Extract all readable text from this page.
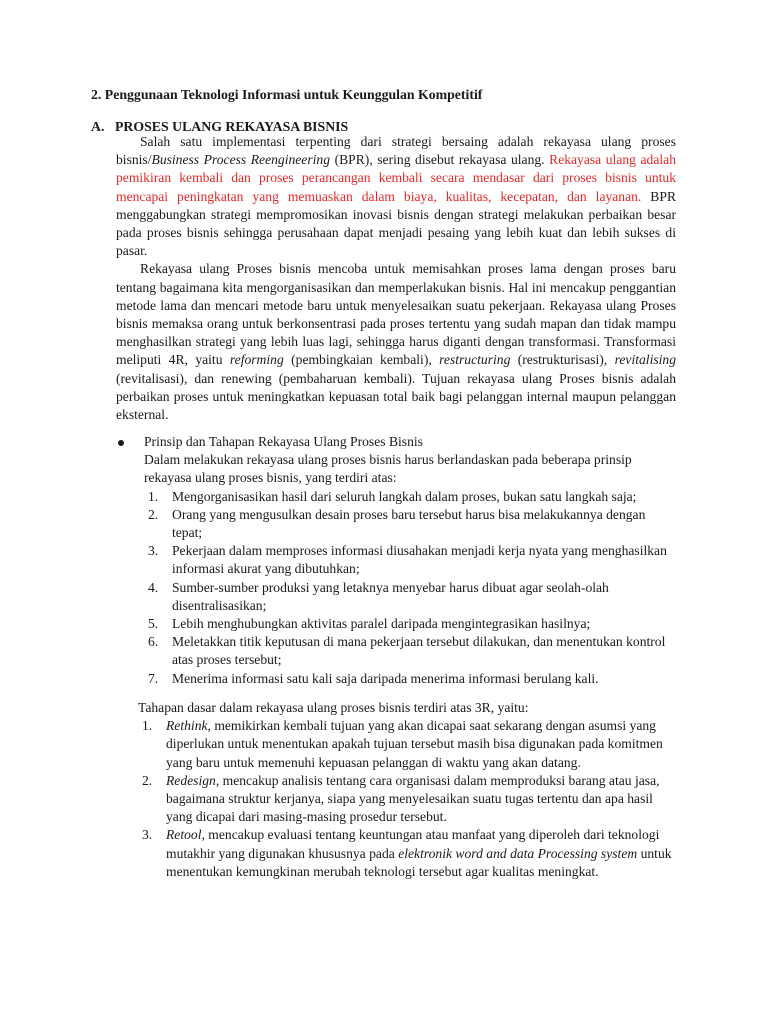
2. Penggunaan Teknologi Informasi untuk Keunggulan Kompetitif
A. PROSES ULANG REKAYASA BISNIS

Salah satu implementasi terpenting dari strategi bersaing adalah rekayasa ulang proses bisnis/Business Process Reengineering (BPR), sering disebut rekayasa ulang. Rekayasa ulang adalah pemikiran kembali dan proses perancangan kembali secara mendasar dari proses bisnis untuk mencapai peningkatan yang memuaskan dalam biaya, kualitas, kecepatan, dan layanan. BPR menggabungkan strategi mempromosikan inovasi bisnis dengan strategi melakukan perbaikan besar pada proses bisnis sehingga perusahaan dapat menjadi pesaing yang lebih kuat dan lebih sukses di pasar.

Rekayasa ulang Proses bisnis mencoba untuk memisahkan proses lama dengan proses baru tentang bagaimana kita mengorganisasikan dan memperlakukan bisnis. Hal ini mencakup penggantian metode lama dan mencari metode baru untuk menyelesaikan suatu pekerjaan. Rekayasa ulang Proses bisnis memaksa orang untuk berkonsentrasi pada proses tertentu yang sudah mapan dan tidak mampu menghasilkan strategi yang lebih luas lagi, sehingga harus diganti dengan transformasi. Transformasi meliputi 4R, yaitu reforming (pembingkaian kembali), restructuring (restrukturisasi), revitalising (revitalisasi), dan renewing (pembaharuan kembali). Tujuan rekayasa ulang Proses bisnis adalah perbaikan proses untuk meningkatkan kepuasan total baik bagi pelanggan internal maupun pelanggan eksternal.

Prinsip dan Tahapan Rekayasa Ulang Proses Bisnis
Dalam melakukan rekayasa ulang proses bisnis harus berlandaskan pada beberapa prinsip rekayasa ulang proses bisnis, yang terdiri atas:
1. Mengorganisasikan hasil dari seluruh langkah dalam proses, bukan satu langkah saja;
2. Orang yang mengusulkan desain proses baru tersebut harus bisa melakukannya dengan tepat;
3. Pekerjaan dalam memproses informasi diusahakan menjadi kerja nyata yang menghasilkan informasi akurat yang dibutuhkan;
4. Sumber-sumber produksi yang letaknya menyebar harus dibuat agar seolah-olah disentralisasikan;
5. Lebih menghubungkan aktivitas paralel daripada mengintegrasikan hasilnya;
6. Meletakkan titik keputusan di mana pekerjaan tersebut dilakukan, dan menentukan kontrol atas proses tersebut;
7. Menerima informasi satu kali saja daripada menerima informasi berulang kali.
Tahapan dasar dalam rekayasa ulang proses bisnis terdiri atas 3R, yaitu:
1. Rethink, memikirkan kembali tujuan yang akan dicapai saat sekarang dengan asumsi yang diperlukan untuk menentukan apakah tujuan tersebut masih bisa digunakan pada komitmen yang baru untuk memenuhi kepuasan pelanggan di waktu yang akan datang.
2. Redesign, mencakup analisis tentang cara organisasi dalam memproduksi barang atau jasa, bagaimana struktur kerjanya, siapa yang menyelesaikan suatu tugas tertentu dan apa hasil yang dicapai dari masing-masing prosedur tersebut.
3. Retool, mencakup evaluasi tentang keuntungan atau manfaat yang diperoleh dari teknologi mutakhir yang digunakan khususnya pada elektronik word and data Processing system untuk menentukan kemungkinan merubah teknologi tersebut agar kualitas meningkat.
